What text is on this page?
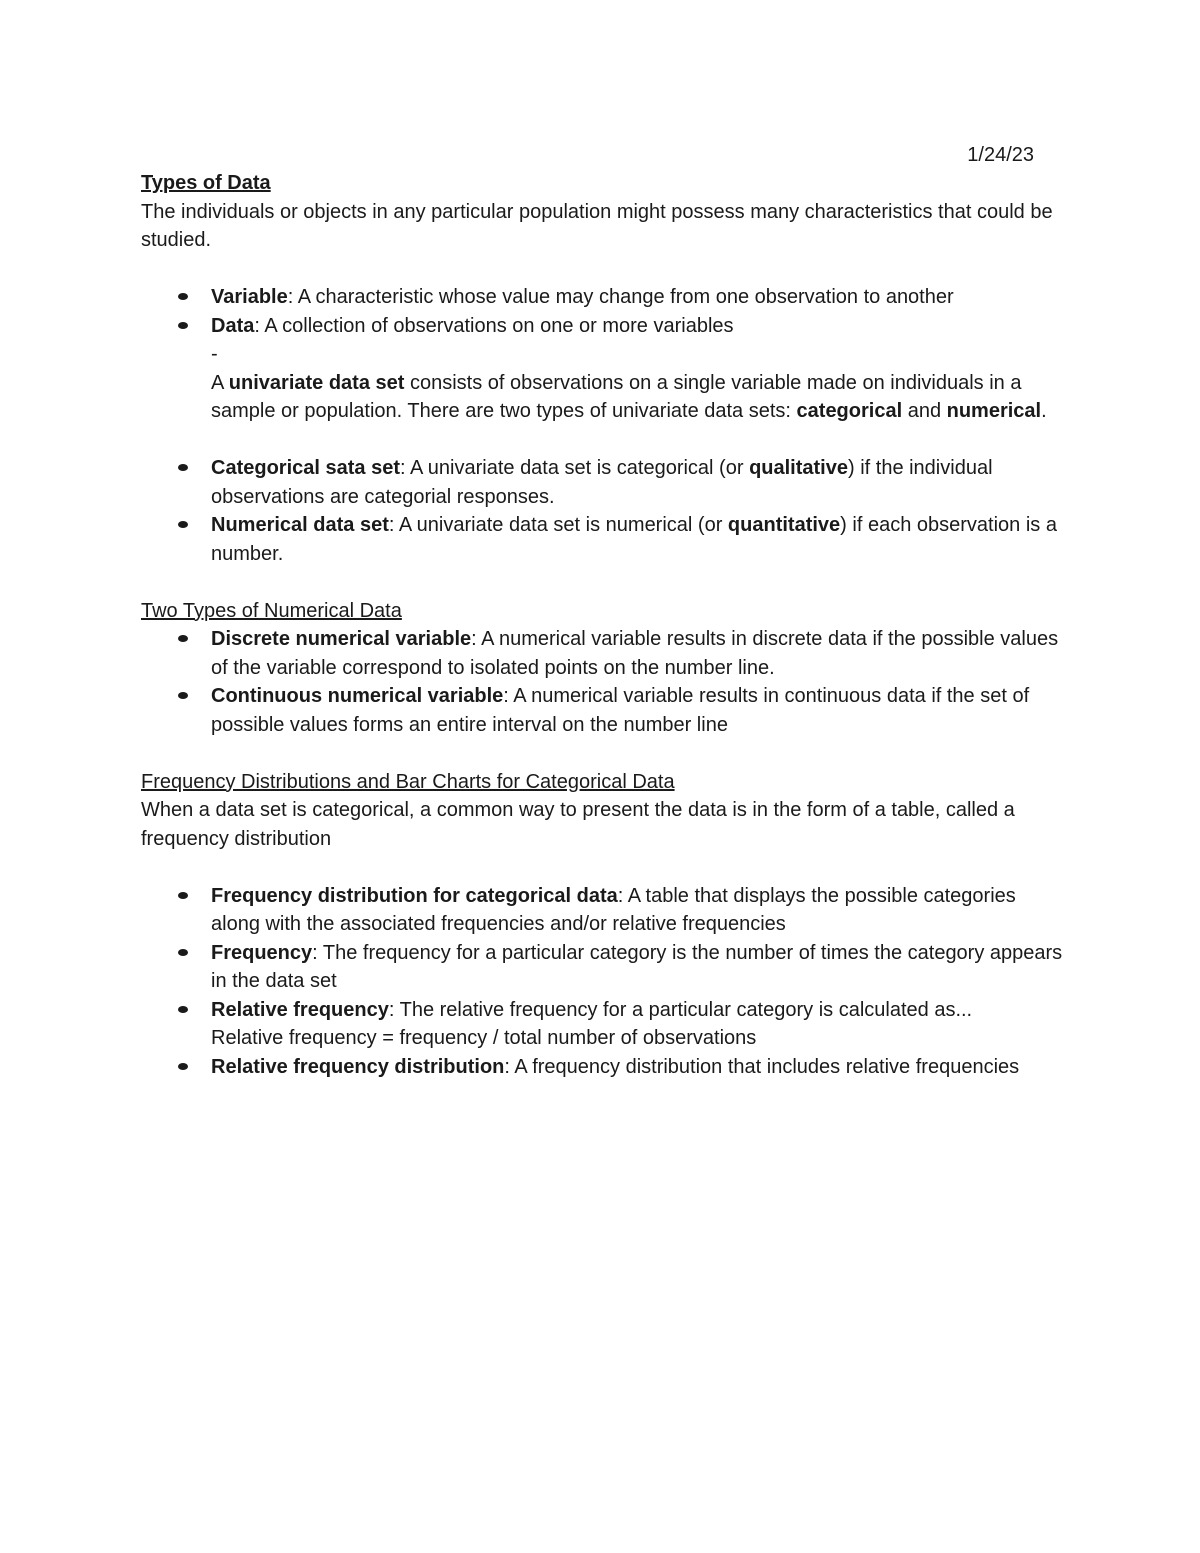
1/24/23

Types of Data

The individuals or objects in any particular population might possess many characteristics that could be studied.

Variable: A characteristic whose value may change from one observation to another
Data: A collection of observations on one or more variables

-

A univariate data set consists of observations on a single variable made on individuals in a sample or population. There are two types of univariate data sets: categorical and numerical.

Categorical sata set: A univariate data set is categorical (or qualitative) if the individual observations are categorial responses.
Numerical data set: A univariate data set is numerical (or quantitative) if each observation is a number.

Two Types of Numerical Data

Discrete numerical variable: A numerical variable results in discrete data if the possible values of the variable correspond to isolated points on the number line.
Continuous numerical variable: A numerical variable results in continuous data if the set of possible values forms an entire interval on the number line

Frequency Distributions and Bar Charts for Categorical Data

When a data set is categorical, a common way to present the data is in the form of a table, called a frequency distribution

Frequency distribution for categorical data: A table that displays the possible categories along with the associated frequencies and/or relative frequencies
Frequency: The frequency for a particular category is the number of times the category appears in the data set
Relative frequency: The relative frequency for a particular category is calculated as...
Relative frequency = frequency / total number of observations
Relative frequency distribution: A frequency distribution that includes relative frequencies
